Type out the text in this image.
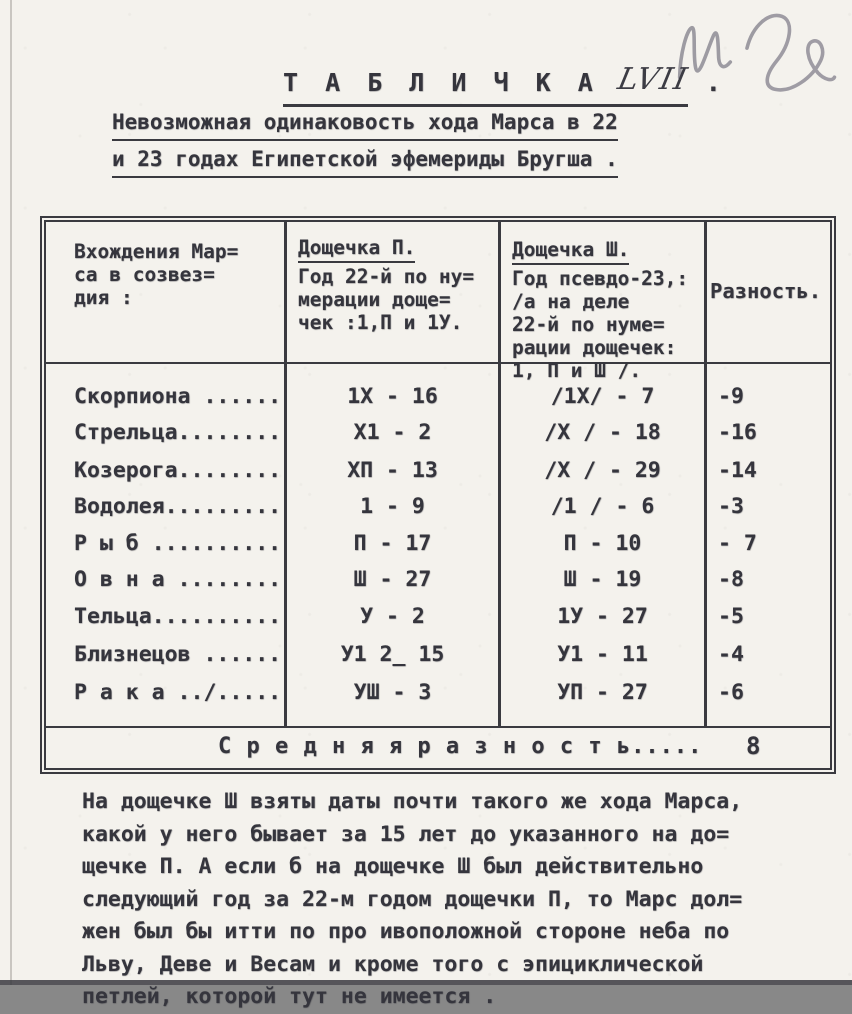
Т А Б Л И Ч К А LVII .
Невозможная одинаковость хода Марса в 22
и 23 годах Египетской эфемериды Бругша .
Вхождения Мар=
са в созвез=
дия :
Дощечка П.
Год 22-й по ну=
мерации доще=
чек :1,П и 1У.
Дощечка Ш.
Год псевдо-23,:
/а на деле
22-й по нуме=
рации дощечек:
1, П и Ш /.
Разность.
Скорпиона ......	1Х - 16	/1Х/ - 7	-9
Стрельца........	Х1 - 2	/Х / - 18	-16
Козерога........	ХП - 13	/Х / - 29	-14
Водолея.........	1 - 9	/1 / - 6	-3
Р ы б ..........	П - 17	П - 10	- 7
О в н а ........	Ш - 27	Ш - 19	-8
Тельца..........	У - 2	1У - 27	-5
Близнецов ......	У1 2̲ 15	У1 - 11	-4
Р а к а ../.....	УШ - 3	УП - 27	-6
С р е д н я я р а з н о с т ь..... 8
На дощечке Ш взяты даты почти такого же хода Марса,
какой у него бывает за 15 лет до указанного на до=
щечке П. А если б на дощечке Ш был действительно
следующий год за 22-м годом дощечки П, то Марс дол=
жен был бы итти по про ивоположной стороне неба по
Льву, Деве и Весам и кроме того с эпициклической
петлей, которой тут не имеется .
